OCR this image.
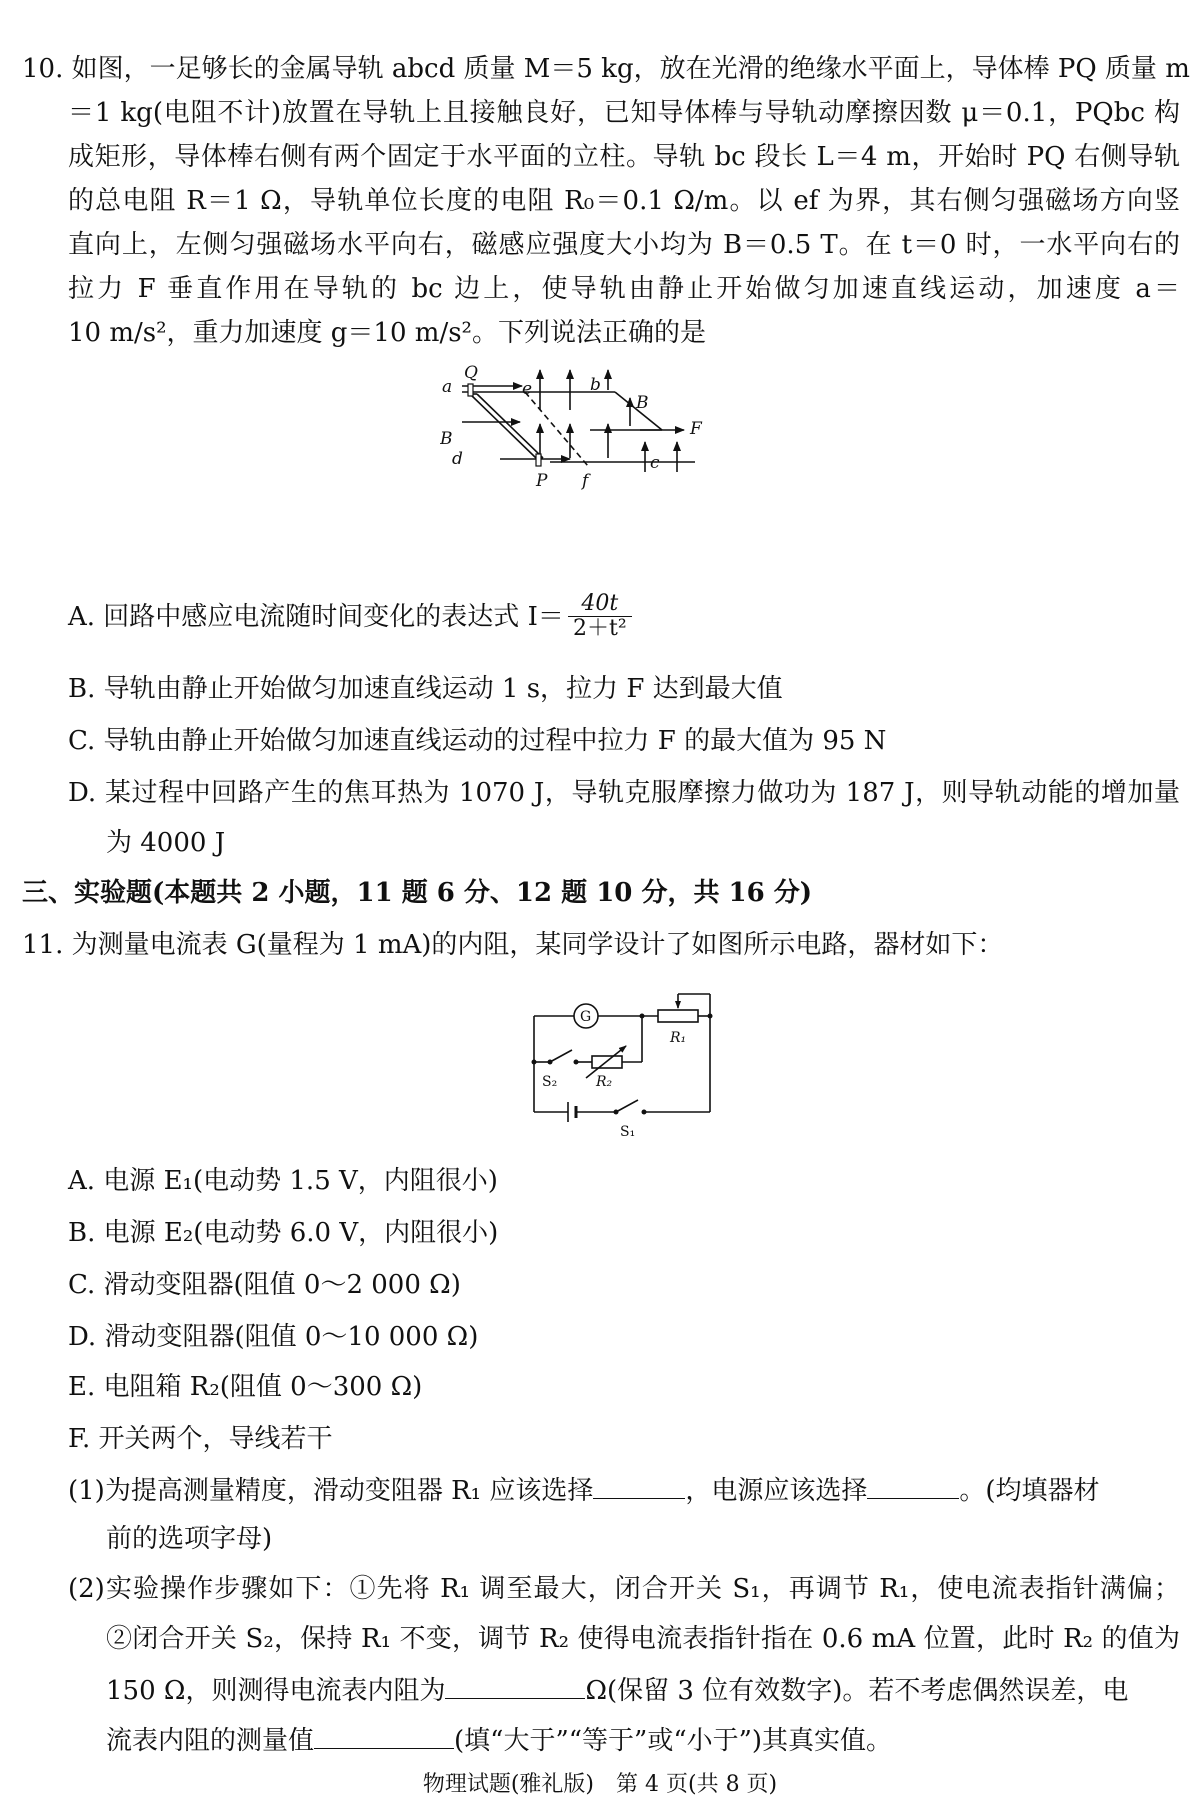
10. 如图，一足够长的金属导轨 abcd 质量 M＝5 kg，放在光滑的绝缘水平面上，导体棒 PQ 质量 m
＝1 kg(电阻不计)放置在导轨上且接触良好，已知导体棒与导轨动摩擦因数 μ＝0.1，PQbc 构
成矩形，导体棒右侧有两个固定于水平面的立柱。导轨 bc 段长 L＝4 m，开始时 PQ 右侧导轨
的总电阻 R＝1 Ω，导轨单位长度的电阻 R₀＝0.1 Ω/m。以 ef 为界，其右侧匀强磁场方向竖
直向上，左侧匀强磁场水平向右，磁感应强度大小均为 B＝0.5 T。在 t＝0 时，一水平向右的
拉力 F 垂直作用在导轨的 bc 边上，使导轨由静止开始做匀加速直线运动，加速度 a＝
10 m/s²，重力加速度 g＝10 m/s²。下列说法正确的是
a
Q
e	b
B
F
B
d
P f
c
A. 回路中感应电流随时间变化的表达式 I＝ 40t
2＋t²
B. 导轨由静止开始做匀加速直线运动 1 s，拉力 F 达到最大值
C. 导轨由静止开始做匀加速直线运动的过程中拉力 F 的最大值为 95 N
D. 某过程中回路产生的焦耳热为 1070 J，导轨克服摩擦力做功为 187 J，则导轨动能的增加量
为 4000 J
三、实验题(本题共 2 小题，11 题 6 分、12 题 10 分，共 16 分)
11. 为测量电流表 G(量程为 1 mA)的内阻，某同学设计了如图所示电路，器材如下：
G
R₁
S₂	R₂
S₁
A. 电源 E₁(电动势 1.5 V，内阻很小)
B. 电源 E₂(电动势 6.0 V，内阻很小)
C. 滑动变阻器(阻值 0～2 000 Ω)
D. 滑动变阻器(阻值 0～10 000 Ω)
E. 电阻箱 R₂(阻值 0～300 Ω)
F. 开关两个，导线若干
(1)为提高测量精度，滑动变阻器 R₁ 应该选择	，电源应该选择	。(均填器材
前的选项字母)
(2)实验操作步骤如下：①先将 R₁ 调至最大，闭合开关 S₁，再调节 R₁，使电流表指针满偏；
②闭合开关 S₂，保持 R₁ 不变，调节 R₂ 使得电流表指针指在 0.6 mA 位置，此时 R₂ 的值为
150 Ω，则测得电流表内阻为	Ω(保留 3 位有效数字)。若不考虑偶然误差，电
流表内阻的测量值	(填“大于”“等于”或“小于”)其真实值。
物理试题(雅礼版)　第 4 页(共 8 页)
